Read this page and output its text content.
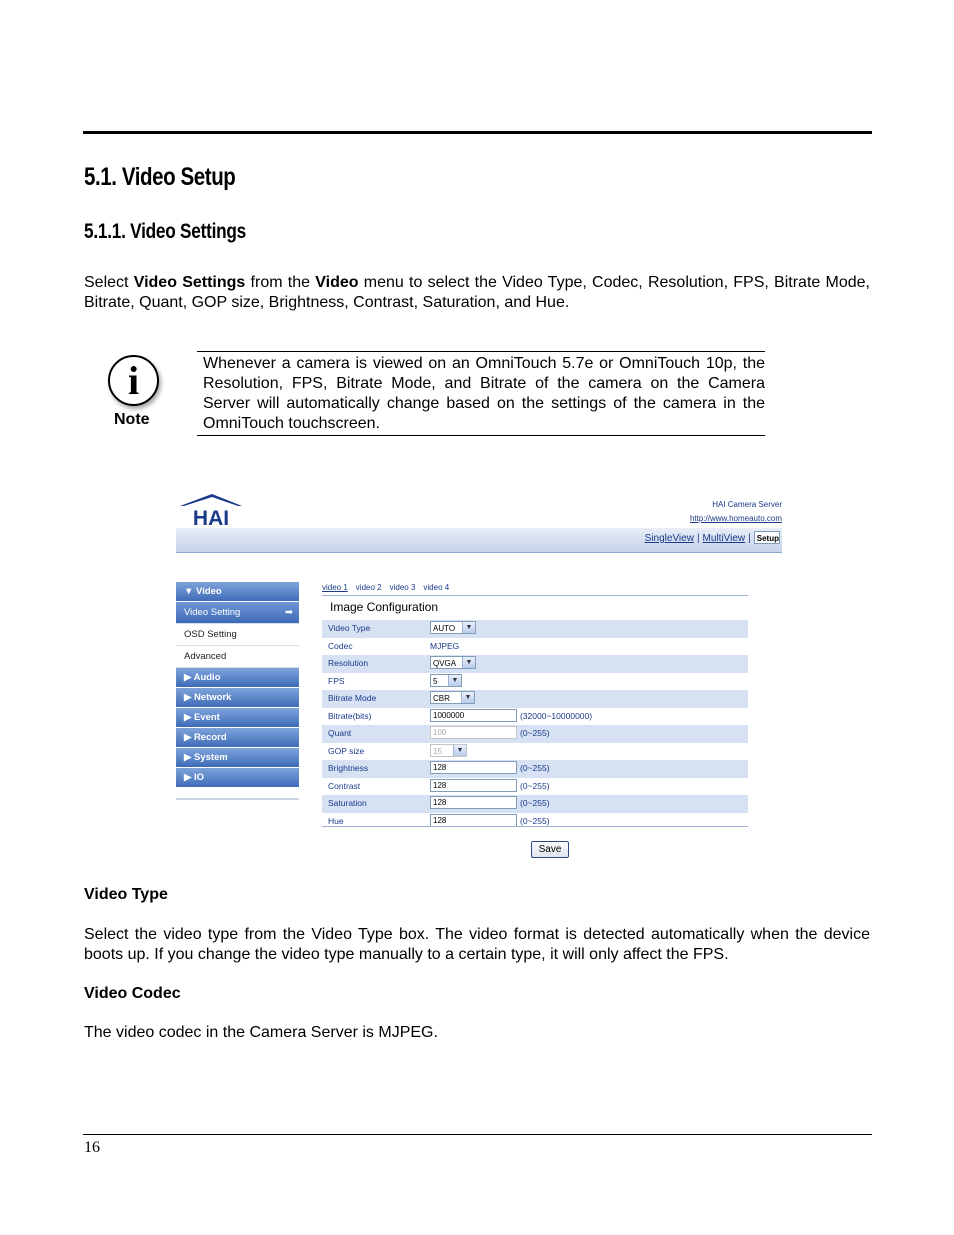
5.1. Video Setup
5.1.1. Video Settings
Select Video Settings from the Video menu to select the Video Type, Codec, Resolution, FPS, Bitrate Mode, Bitrate, Quant, GOP size, Brightness, Contrast, Saturation, and Hue.
i
Note
Whenever a camera is viewed on an OmniTouch 5.7e or OmniTouch 10p, the Resolution, FPS, Bitrate Mode, and Bitrate of the camera on the Camera Server will automatically change based on the settings of the camera in the OmniTouch touchscreen.
HAI
HAI Camera Server
http://www.homeauto.com
SingleView | MultiView | Setup
▼ Video
Video Setting	➡
OSD Setting
Advanced
▶ Audio
▶ Network
▶ Event
▶ Record
▶ System
▶ IO
video 1 video 2 video 3 video 4
Image Configuration
Video Type	AUTO	▼
Codec	MJPEG
Resolution	QVGA	▼
FPS	5	▼
Bitrate Mode	CBR	▼
Bitrate(bits)	1000000	(32000~10000000)
Quant	100	(0~255)
GOP size	15	▼
Brightness	128	(0~255)
Contrast	128	(0~255)
Saturation	128	(0~255)
Hue	128	(0~255)
Save
Video Type
Select the video type from the Video Type box. The video format is detected automatically when the device boots up. If you change the video type manually to a certain type, it will only affect the FPS.
Video Codec
The video codec in the Camera Server is MJPEG.
16
